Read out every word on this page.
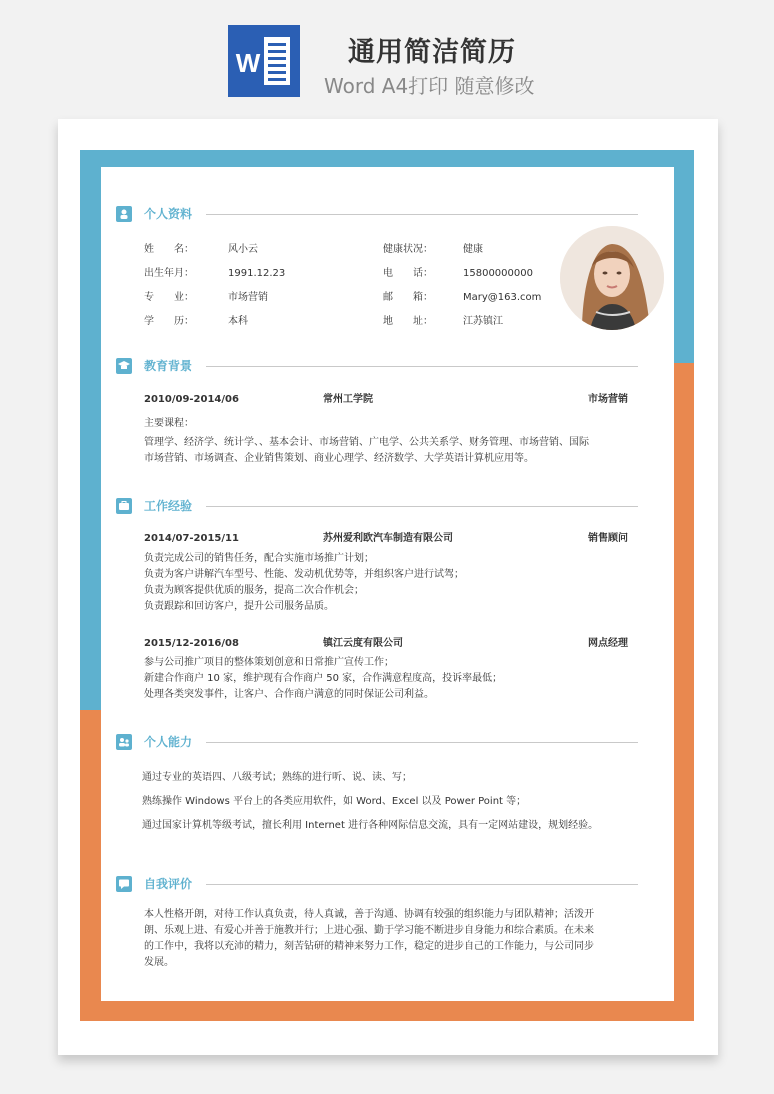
W	通用简洁简历
Word A4打印 随意修改
个人资料
姓　　名：	风小云
出生年月：	1991.12.23
专　　业：	市场营销
学　　历：	本科
健康状况：	健康
电　　话：	15800000000
邮　　箱：	Mary@163.com
地　　址：	江苏镇江
教育背景
2010/09-2014/06	常州工学院	市场营销
主要课程：
管理学、经济学、统计学、、基本会计、市场营销、广电学、公共关系学、财务管理、市场营销、国际
市场营销、市场调查、企业销售策划、商业心理学、经济数学、大学英语计算机应用等。
工作经验
2014/07-2015/11	苏州爱利欧汽车制造有限公司	销售顾问
负责完成公司的销售任务，配合实施市场推广计划；
负责为客户讲解汽车型号、性能、发动机优势等，并组织客户进行试驾；
负责为顾客提供优质的服务，提高二次合作机会；
负责跟踪和回访客户，提升公司服务品质。
2015/12-2016/08	镇江云度有限公司	网点经理
参与公司推广项目的整体策划创意和日常推广宣传工作；
新建合作商户 10 家，维护现有合作商户 50 家，合作满意程度高，投诉率最低；
处理各类突发事件，让客户、合作商户满意的同时保证公司利益。
个人能力
通过专业的英语四、八级考试；熟练的进行听、说、读、写；
熟练操作 Windows 平台上的各类应用软件，如 Word、Excel 以及 Power Point 等；
通过国家计算机等级考试，擅长利用 Internet 进行各种网际信息交流，具有一定网站建设，规划经验。
自我评价
本人性格开朗，对待工作认真负责，待人真诚，善于沟通、协调有较强的组织能力与团队精神；活泼开
朗、乐观上进、有爱心并善于施教并行；上进心强、勤于学习能不断进步自身能力和综合素质。在未来
的工作中，我将以充沛的精力，刻苦钻研的精神来努力工作，稳定的进步自己的工作能力，与公司同步
发展。
